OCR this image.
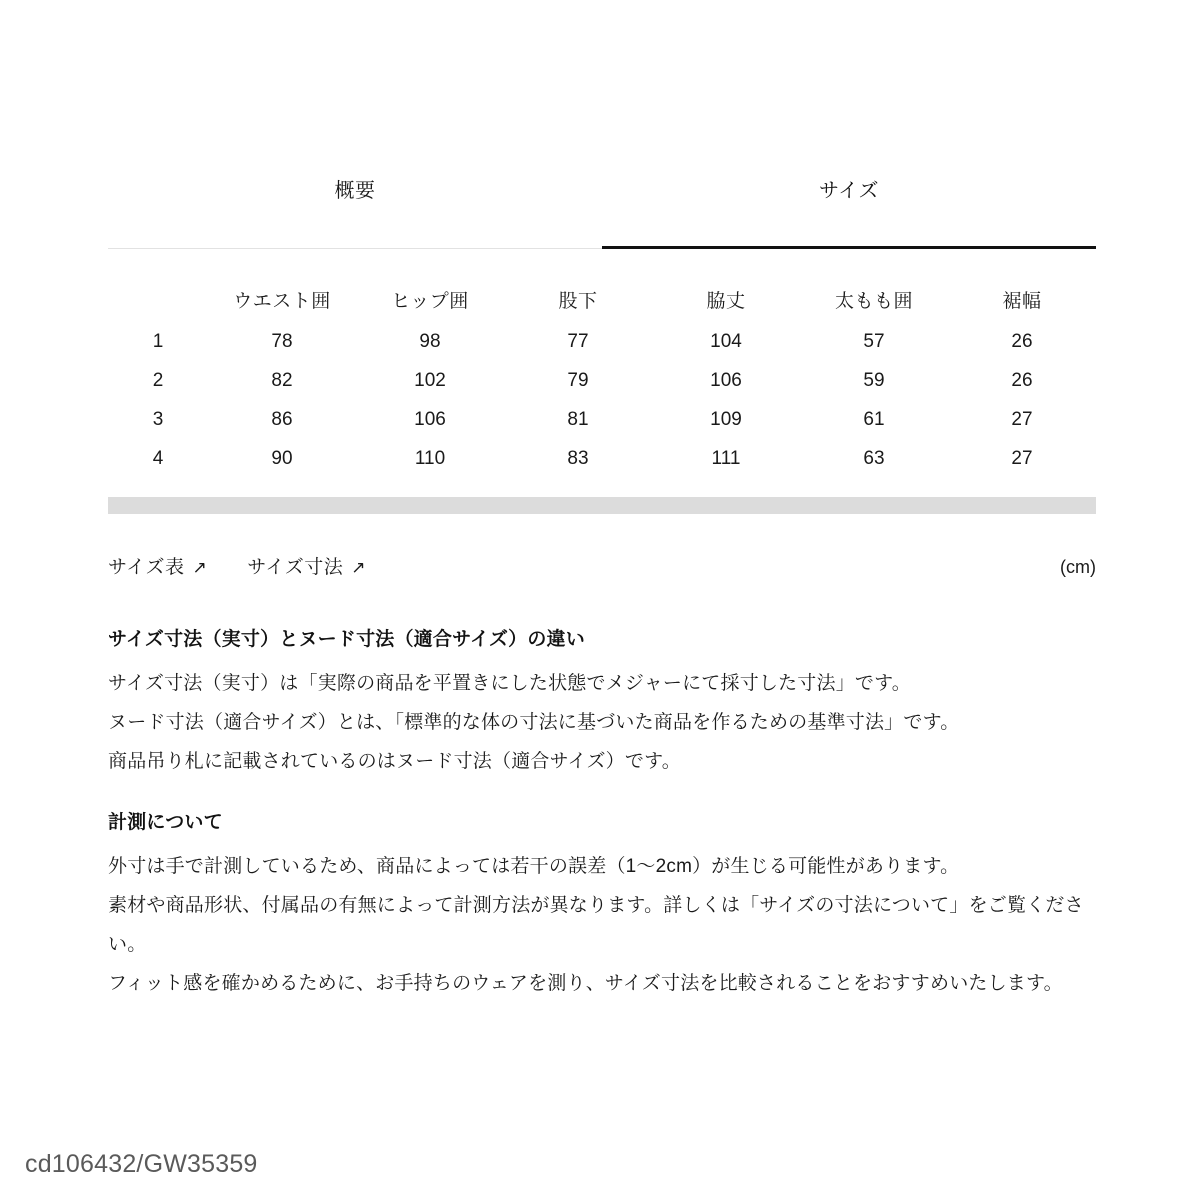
概要	サイズ
	ウエスト囲	ヒップ囲	股下	脇丈	太もも囲	裾幅
1	78	98	77	104	57	26
2	82	102	79	106	59	26
3	86	106	81	109	61	27
4	90	110	83	111	63	27
サイズ表 ↗ サイズ寸法 ↗	(cm)
サイズ寸法（実寸）とヌード寸法（適合サイズ）の違い
サイズ寸法（実寸）は「実際の商品を平置きにした状態でメジャーにて採寸した寸法」です。
ヌード寸法（適合サイズ）とは、「標準的な体の寸法に基づいた商品を作るための基準寸法」です。
商品吊り札に記載されているのはヌード寸法（適合サイズ）です。
計測について
外寸は手で計測しているため、商品によっては若干の誤差（1〜2cm）が生じる可能性があります。
素材や商品形状、付属品の有無によって計測方法が異なります。詳しくは「サイズの寸法について」をご覧ください。
フィット感を確かめるために、お手持ちのウェアを測り、サイズ寸法を比較されることをおすすめいたします。
cd106432/GW35359
